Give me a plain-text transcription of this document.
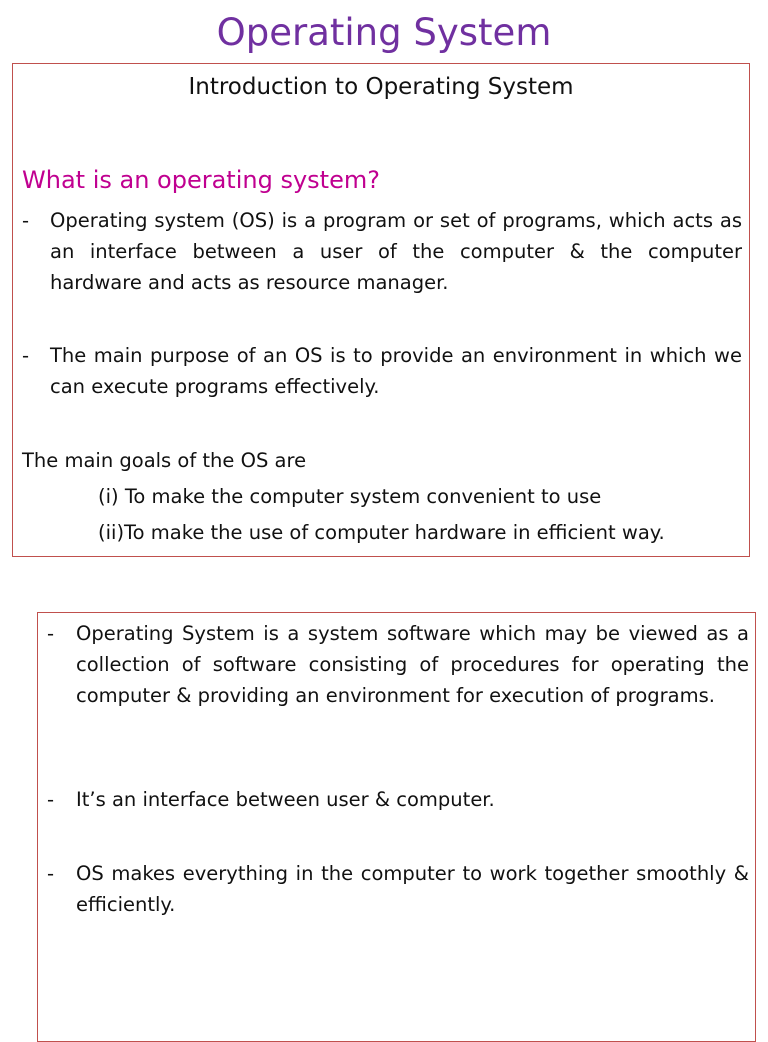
Operating System
Introduction to Operating System
What is an operating system?
- Operating system (OS) is a program or set of programs, which acts as an interface between a user of the computer & the computer hardware and acts as resource manager.
- The main purpose of an OS is to provide an environment in which we can execute programs effectively.
The main goals of the OS are
(i) To make the computer system convenient to use
(ii)To make the use of computer hardware in efficient way.
- Operating System is a system software which may be viewed as a collection of software consisting of procedures for operating the computer & providing an environment for execution of programs.
- It’s an interface between user & computer.
- OS makes everything in the computer to work together smoothly & efficiently.
